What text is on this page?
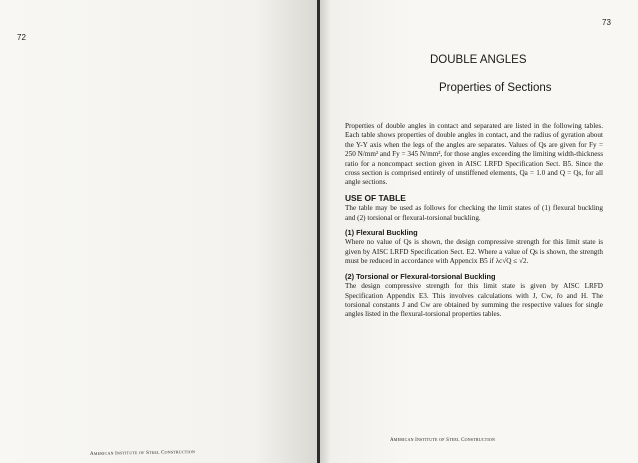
72
American Institute of Steel Construction
73
DOUBLE ANGLES
Properties of Sections

Properties of double angles in contact and separated are listed in the following tables. Each table shows properties of double angles in contact, and the radius of gyration about the Y-Y axis when the legs of the angles are separates. Values of Qs are given for Fy = 250 N/mm² and Fy = 345 N/mm², for those angles exceeding the limiting width-thickness ratio for a noncompact section given in AISC LRFD Specification Sect. B5. Since the cross section is comprised entirely of unstiffened elements, Qa = 1.0 and Q = Qs, for all angle sections.

USE OF TABLE

The table may be used as follows for checking the limit states of (1) flexural buckling and (2) torsional or flexural-torsional buckling.

(1) Flexural Buckling

Where no value of Qs is shown, the design compressive strength for this limit state is given by AISC LRFD Specification Sect. E2. Where a value of Qs is shown, the strength must be reduced in accordance with Appencix B5 if λc√Q ≤ √2.

(2) Torsional or Flexural-torsional Buckling

The design compressive strength for this limit state is given by AISC LRFD Specification Appendix E3. This involves calculations with J, Cw, r̄o and H. The torsional constants J and Cw are obtained by summing the respective values for single angles listed in the flexural-torsional properties tables.

American Institute of Steel Construction
